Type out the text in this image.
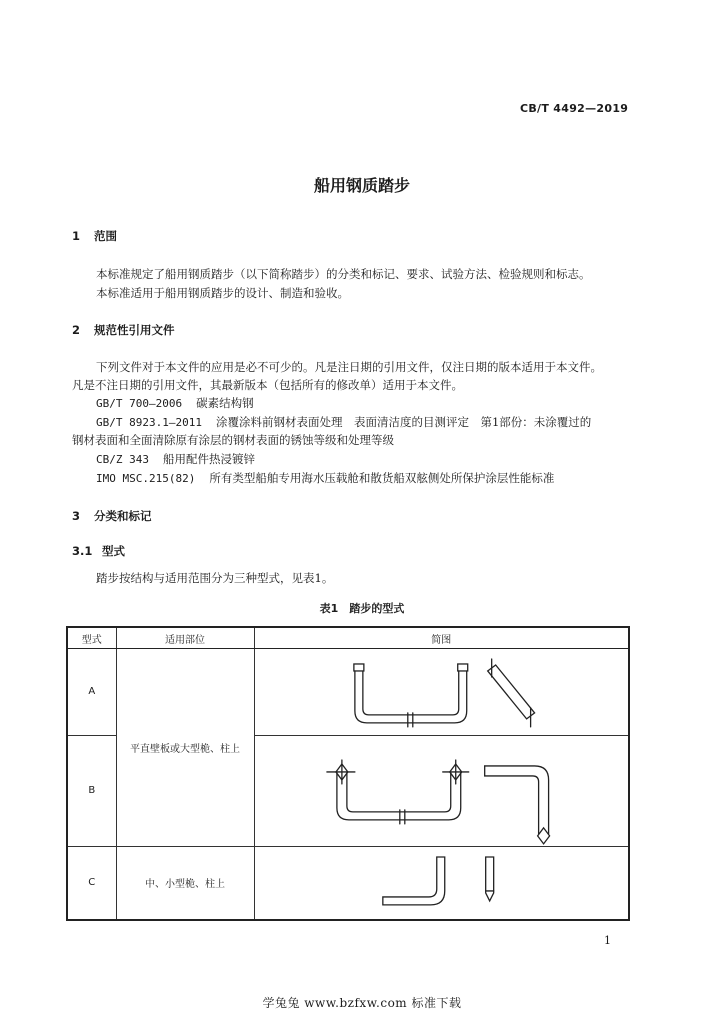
CB/T 4492—2019
船用钢质踏步
1 范围
本标准规定了船用钢质踏步（以下简称踏步）的分类和标记、要求、试验方法、检验规则和标志。
本标准适用于船用钢质踏步的设计、制造和验收。
2 规范性引用文件
下列文件对于本文件的应用是必不可少的。凡是注日期的引用文件，仅注日期的版本适用于本文件。
凡是不注日期的引用文件，其最新版本（包括所有的修改单）适用于本文件。
GB/T 700—2006 碳素结构钢
GB/T 8923.1—2011 涂覆涂料前钢材表面处理　表面清洁度的目测评定　第1部份：未涂覆过的
钢材表面和全面清除原有涂层的钢材表面的锈蚀等级和处理等级
CB/Z 343 船用配件热浸镀锌
IMO MSC.215(82) 所有类型船舶专用海水压载舱和散货船双舷侧处所保护涂层性能标准
3 分类和标记
3.1 型式
踏步按结构与适用范围分为三种型式，见表1。
表1　踏步的型式
型式	适用部位	简图
A	平直壁板或大型桅、柱上	

B	

C	中、小型桅、柱上	
1
学兔兔 www.bzfxw.com 标准下载
